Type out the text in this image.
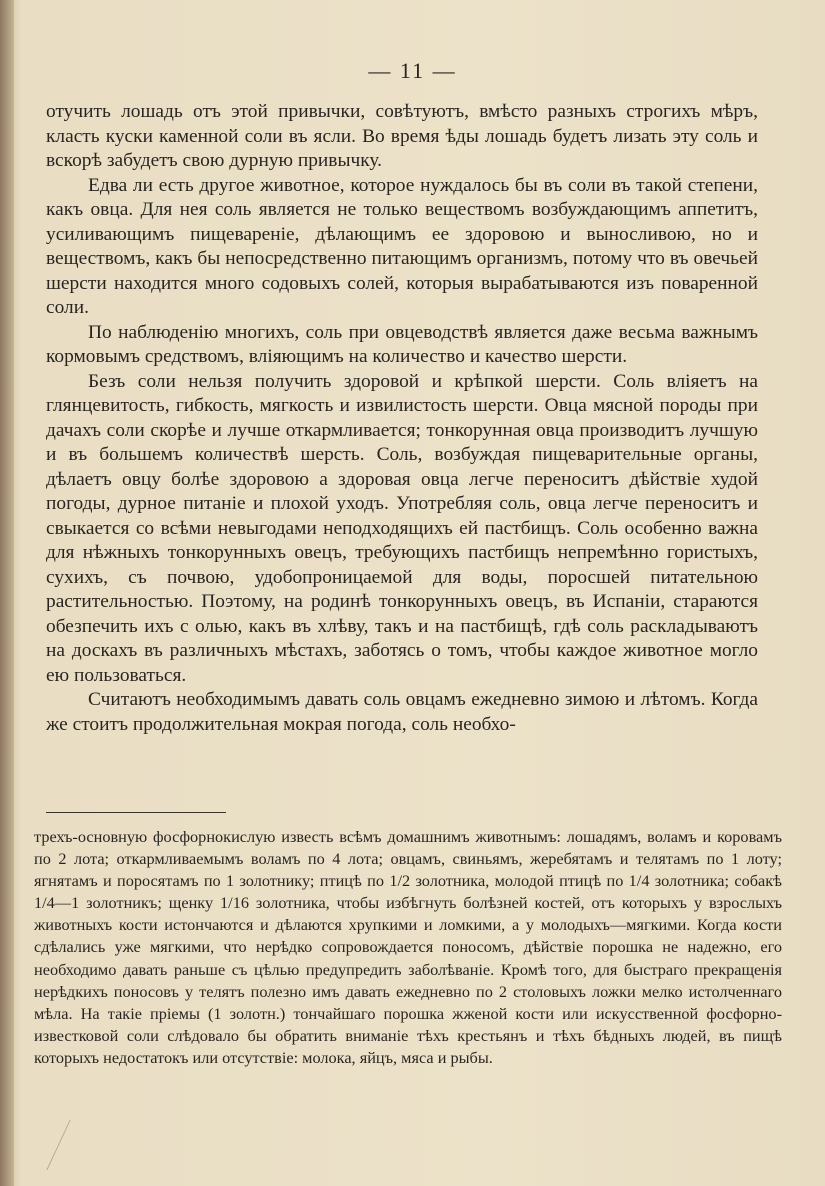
— 11 —

отучить лошадь отъ этой привычки, совѣтуютъ, вмѣсто разныхъ строгихъ мѣръ, класть куски каменной соли въ ясли. Во время ѣды лошадь будетъ лизать эту соль и вскорѣ забудетъ свою дурную привычку.

Едва ли есть другое животное, которое нуждалось бы въ соли въ такой степени, какъ овца. Для нея соль является не только веществомъ возбуждающимъ аппетитъ, усиливающимъ пищевареніе, дѣлающимъ ее здоровою и выносливою, но и веществомъ, какъ бы непосредственно питающимъ организмъ, потому что въ овечьей шерсти находится много содовыхъ солей, которыя вырабатываются изъ поваренной соли.

По наблюденію многихъ, соль при овцеводствѣ является даже весьма важнымъ кормовымъ средствомъ, вліяющимъ на количество и качество шерсти.

Безъ соли нельзя получить здоровой и крѣпкой шерсти. Соль вліяетъ на глянцевитость, гибкость, мягкость и извилистость шерсти. Овца мясной породы при дачахъ соли скорѣе и лучше откармливается; тонкорунная овца производитъ лучшую и въ большемъ количествѣ шерсть. Соль, возбуждая пищеварительные органы, дѣлаетъ овцу болѣе здоровою а здоровая овца легче переноситъ дѣйствіе худой погоды, дурное питаніе и плохой уходъ. Употребляя соль, овца легче переноситъ и свыкается со всѣми невыгодами неподходящихъ ей пастбищъ. Соль особенно важна для нѣжныхъ тонкорунныхъ овецъ, требующихъ пастбищъ непремѣнно гористыхъ, сухихъ, съ почвою, удобопроницаемой для воды, поросшей питательною растительностью. Поэтому, на родинѣ тонкорунныхъ овецъ, въ Испаніи, стараются обезпечить ихъ с олью, какъ въ хлѣву, такъ и на пастбищѣ, гдѣ соль раскладываютъ на доскахъ въ различныхъ мѣстахъ, заботясь о томъ, чтобы каждое животное могло ею пользоваться.

Считаютъ необходимымъ давать соль овцамъ ежедневно зимою и лѣтомъ. Когда же стоитъ продолжительная мокрая погода, соль необхо-

трехъ-основную фосфорнокислую известь всѣмъ домашнимъ животнымъ: лошадямъ, воламъ и коровамъ по 2 лота; откармливаемымъ воламъ по 4 лота; овцамъ, свиньямъ, жеребятамъ и телятамъ по 1 лоту; ягнятамъ и поросятамъ по 1 золотнику; птицѣ по 1/2 золотника, молодой птицѣ по 1/4 золотника; собакѣ 1/4—1 золотникъ; щенку 1/16 золотника, чтобы избѣгнуть болѣзней костей, отъ которыхъ у взрослыхъ животныхъ кости истончаются и дѣлаются хрупкими и ломкими, а у молодыхъ—мягкими. Когда кости сдѣлались уже мягкими, что нерѣдко сопровождается поносомъ, дѣйствіе порошка не надежно, его необходимо давать раньше съ цѣлью предупредить заболѣваніе. Кромѣ того, для быстраго прекращенія нерѣдкихъ поносовъ у телятъ полезно имъ давать ежедневно по 2 столовыхъ ложки мелко истолченнаго мѣла. На такіе пріемы (1 золотн.) тончайшаго порошка жженой кости или искусственной фосфорно-известковой соли слѣдовало бы обратить вниманіе тѣхъ крестьянъ и тѣхъ бѣдныхъ людей, въ пищѣ которыхъ недостатокъ или отсутствіе: молока, яйцъ, мяса и рыбы.
